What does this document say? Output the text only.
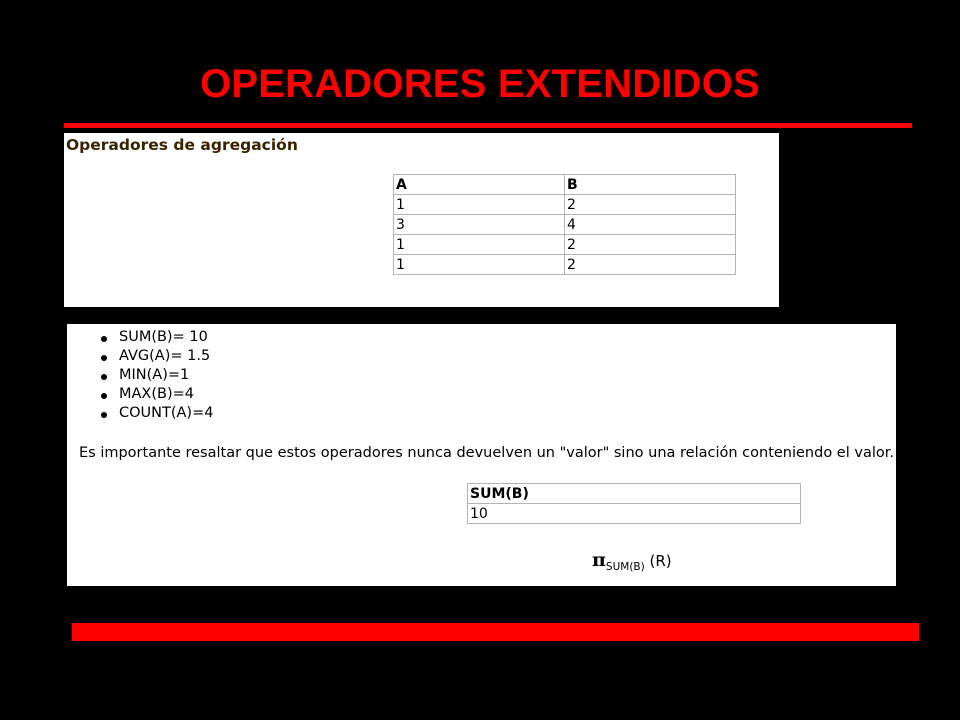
OPERADORES EXTENDIDOS
Operadores de agregación
A	B
1	2
3	4
1	2
1	2
SUM(B)= 10
AVG(A)= 1.5
MIN(A)=1
MAX(B)=4
COUNT(A)=4
Es importante resaltar que estos operadores nunca devuelven un "valor" sino una relación conteniendo el valor.
SUM(B)
10
$\pi_{SUM(B)}$ (R)
